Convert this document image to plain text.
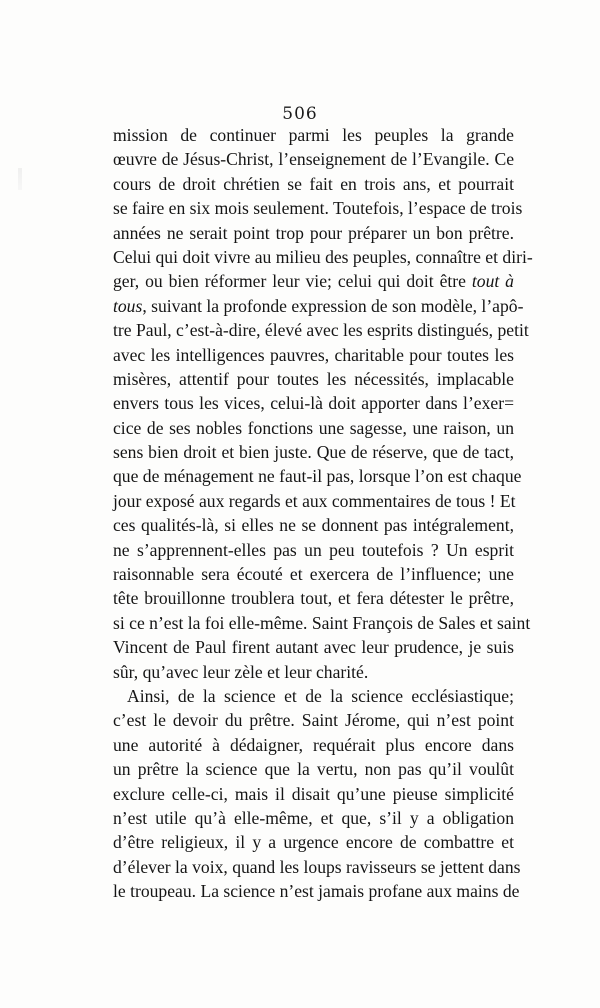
506
mission de continuer parmi les peuples la grande
œuvre de Jésus-Christ, l’enseignement de l’Evangile. Ce
cours de droit chrétien se fait en trois ans, et pourrait
se faire en six mois seulement. Toutefois, l’espace de trois
années ne serait point trop pour préparer un bon prêtre.
Celui qui doit vivre au milieu des peuples, connaître et diri-
ger, ou bien réformer leur vie; celui qui doit être tout à
tous, suivant la profonde expression de son modèle, l’apô-
tre Paul, c’est-à-dire, élevé avec les esprits distingués, petit
avec les intelligences pauvres, charitable pour toutes les
misères, attentif pour toutes les nécessités, implacable
envers tous les vices, celui-là doit apporter dans l’exer=
cice de ses nobles fonctions une sagesse, une raison, un
sens bien droit et bien juste. Que de réserve, que de tact,
que de ménagement ne faut-il pas, lorsque l’on est chaque
jour exposé aux regards et aux commentaires de tous ! Et
ces qualités-là, si elles ne se donnent pas intégralement,
ne s’apprennent-elles pas un peu toutefois ? Un esprit
raisonnable sera écouté et exercera de l’influence; une
tête brouillonne troublera tout, et fera détester le prêtre,
si ce n’est la foi elle-même. Saint François de Sales et saint
Vincent de Paul firent autant avec leur prudence, je suis
sûr, qu’avec leur zèle et leur charité.
Ainsi, de la science et de la science ecclésiastique;
c’est le devoir du prêtre. Saint Jérome, qui n’est point
une autorité à dédaigner, requérait plus encore dans
un prêtre la science que la vertu, non pas qu’il voulût
exclure celle-ci, mais il disait qu’une pieuse simplicité
n’est utile qu’à elle-même, et que, s’il y a obligation
d’être religieux, il y a urgence encore de combattre et
d’élever la voix, quand les loups ravisseurs se jettent dans
le troupeau. La science n’est jamais profane aux mains de
